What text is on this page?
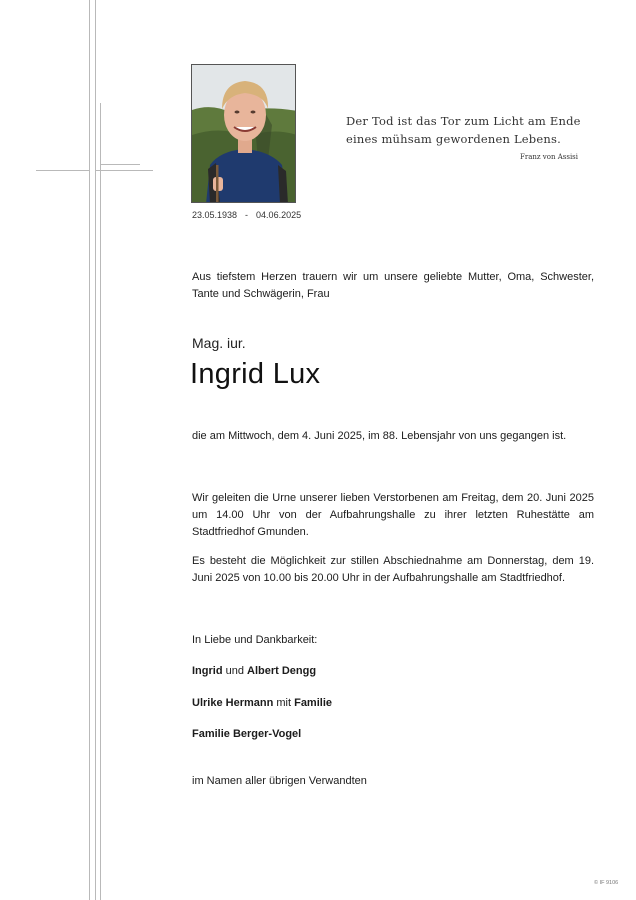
23.05.1938 - 04.06.2025
Der Tod ist das Tor zum Licht am Ende
eines mühsam gewordenen Lebens.
Franz von Assisi
Aus tiefstem Herzen trauern wir um unsere geliebte Mutter, Oma, Schwester, Tante und Schwägerin, Frau
Mag. iur.
Ingrid Lux
die am Mittwoch, dem 4. Juni 2025, im 88. Lebensjahr von uns gegangen ist.
Wir geleiten die Urne unserer lieben Verstorbenen am Freitag, dem 20. Juni 2025 um 14.00 Uhr von der Aufbahrungshalle zu ihrer letzten Ruhestätte am Stadtfriedhof Gmunden.
Es besteht die Möglichkeit zur stillen Abschiednahme am Donnerstag, dem 19. Juni 2025 von 10.00 bis 20.00 Uhr in der Aufbahrungshalle am Stadtfriedhof.
In Liebe und Dankbarkeit:
Ingrid und Albert Dengg
Ulrike Hermann mit Familie
Familie Berger-Vogel
im Namen aller übrigen Verwandten
© IF 9106
